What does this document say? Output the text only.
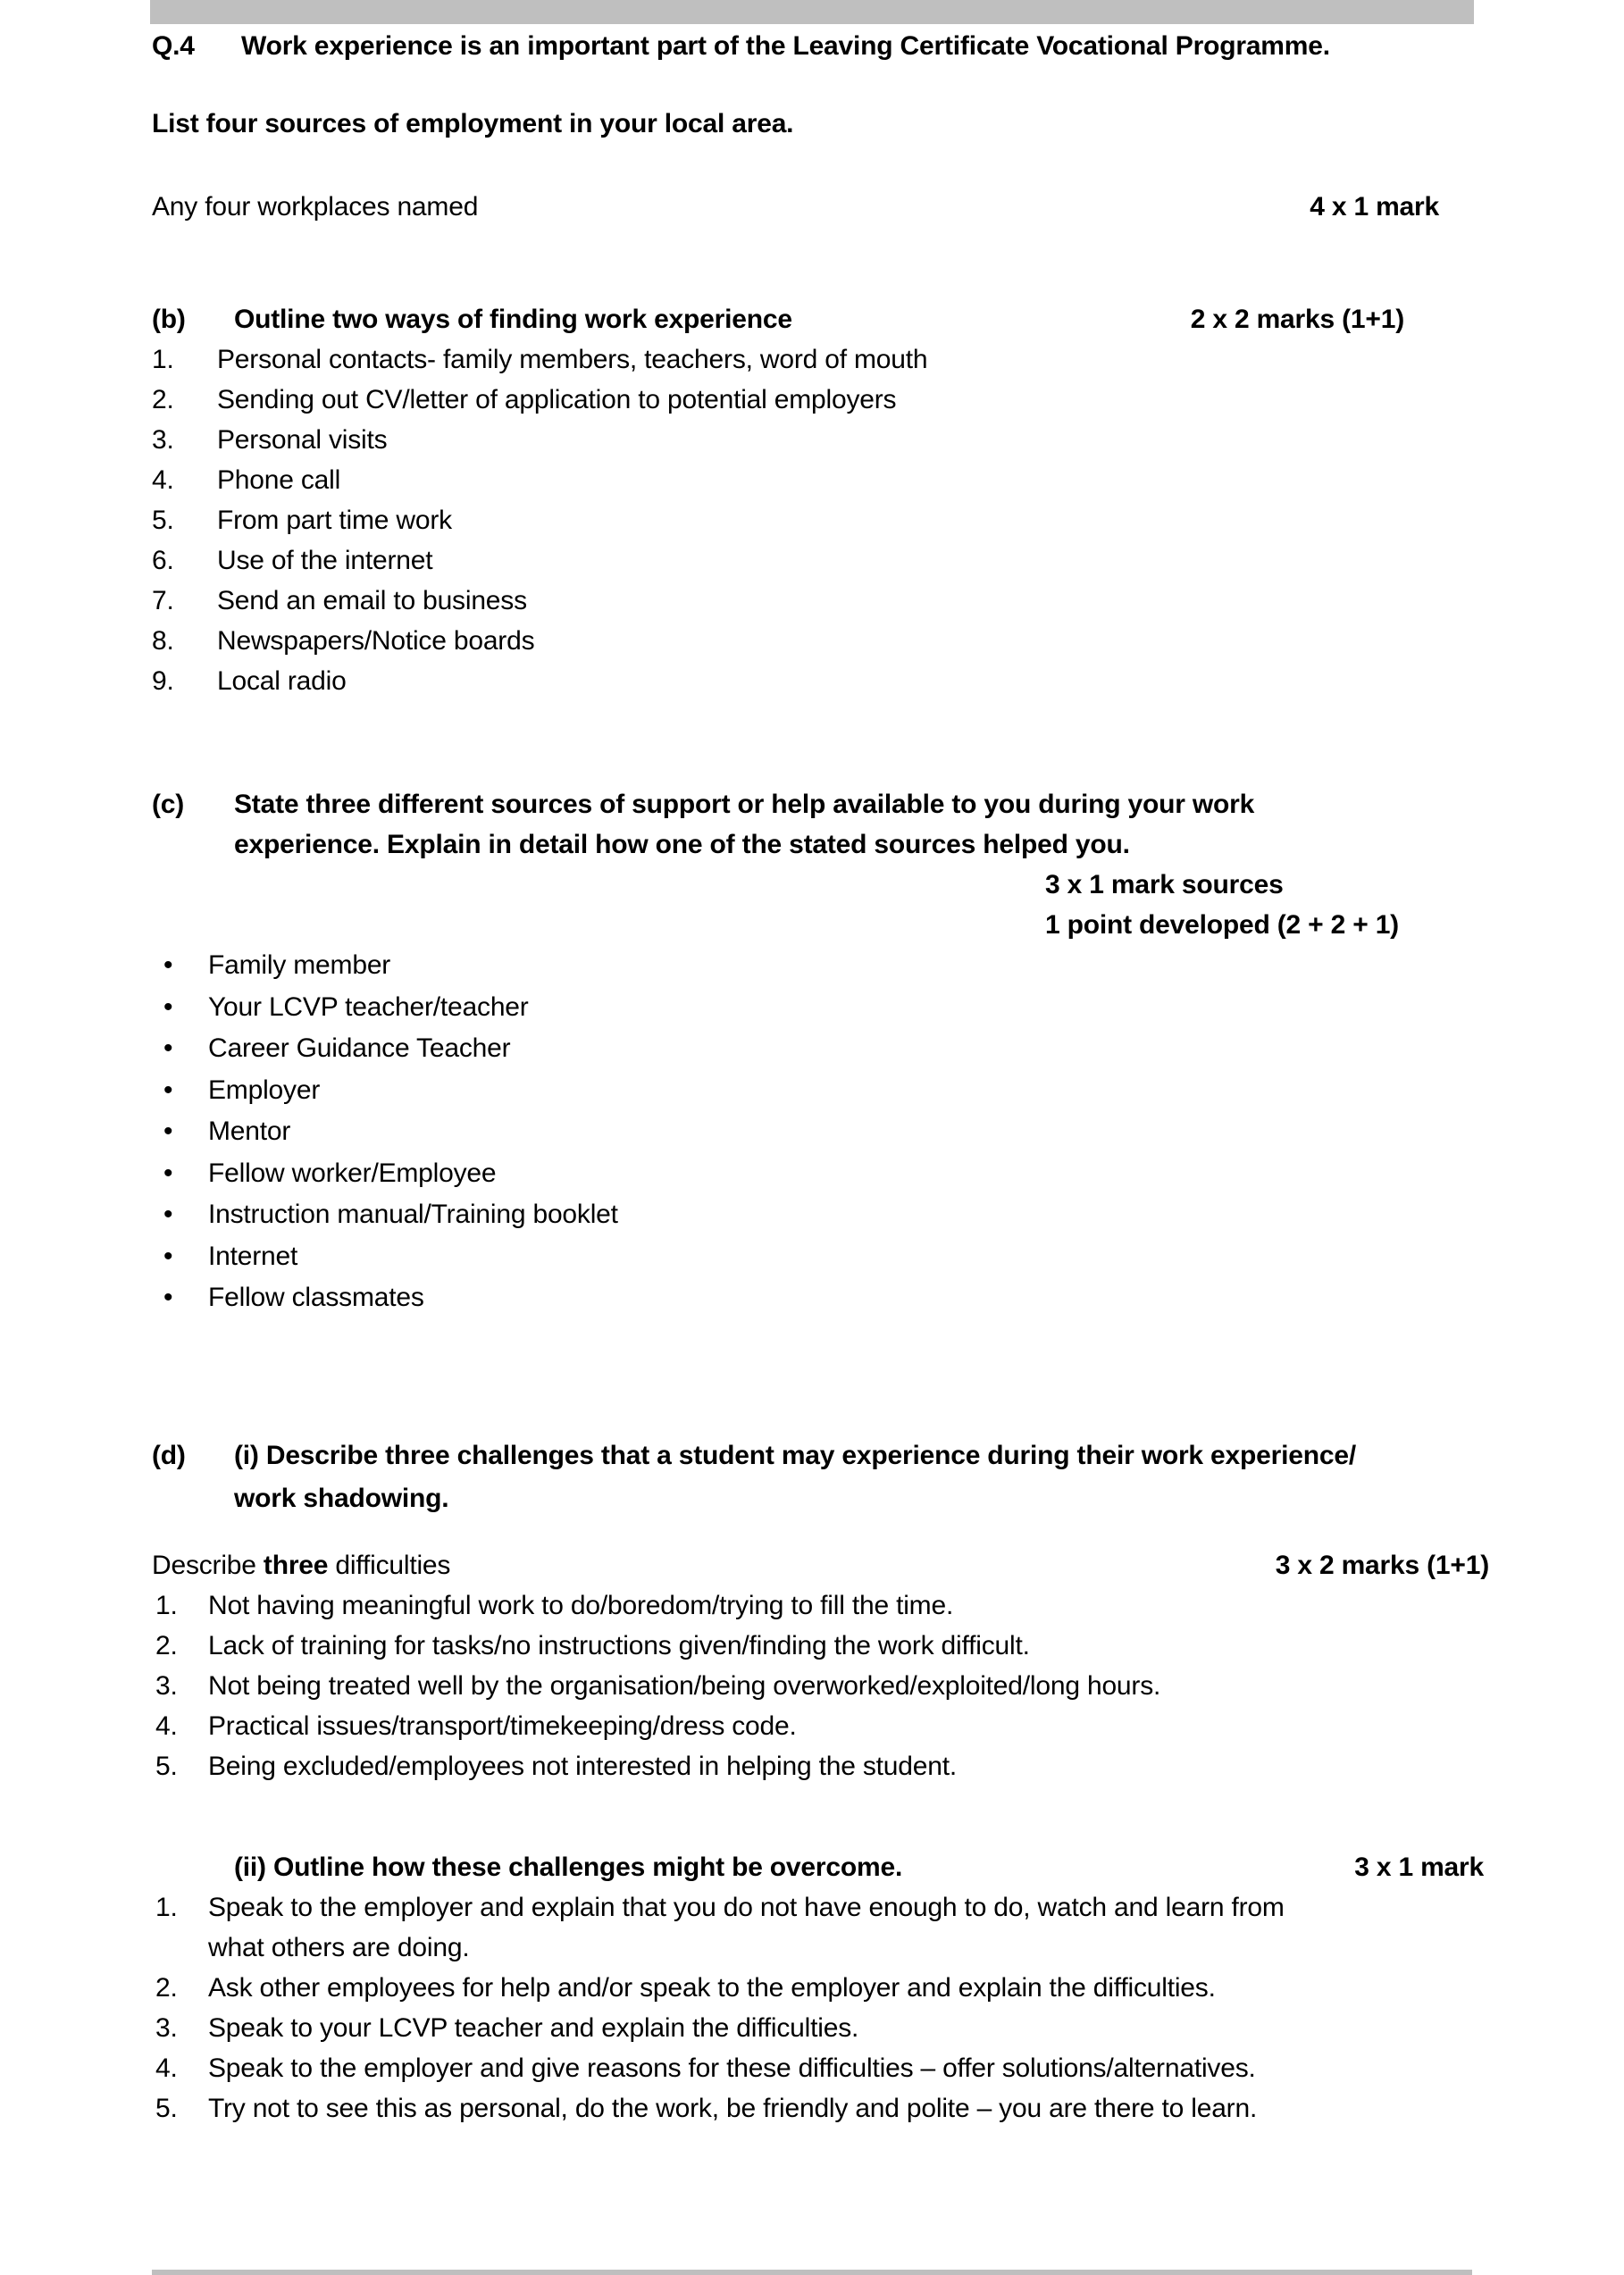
Q.4	Work experience is an important part of the Leaving Certificate Vocational Programme.

List four sources of employment in your local area.

Any four workplaces named	4 x 1 mark
(b)	Outline two ways of finding work experience	2 x 2 marks (1+1)
Personal contacts- family members, teachers, word of mouth
Sending out CV/letter of application to potential employers
Personal visits
Phone call
From part time work
Use of the internet
Send an email to business
Newspapers/Notice boards
Local radio
(c)	State three different sources of support or help available to you during your work
experience. Explain in detail how one of the stated sources helped you.
3 x 1 mark sources
1 point developed (2 + 2 + 1)
• Family member
• Your LCVP teacher/teacher
• Career Guidance Teacher
• Employer
• Mentor
• Fellow worker/Employee
• Instruction manual/Training booklet
• Internet
• Fellow classmates
(d)	(i) Describe three challenges that a student may experience during their work experience/
work shadowing.
Describe three difficulties	3 x 2 marks (1+1)
Not having meaningful work to do/boredom/trying to fill the time.
Lack of training for tasks/no instructions given/finding the work difficult.
Not being treated well by the organisation/being overworked/exploited/long hours.
Practical issues/transport/timekeeping/dress code.
Being excluded/employees not interested in helping the student.
(ii) Outline how these challenges might be overcome.	3 x 1 mark
Speak to the employer and explain that you do not have enough to do, watch and learn from
what others are doing.
Ask other employees for help and/or speak to the employer and explain the difficulties.
Speak to your LCVP teacher and explain the difficulties.
Speak to the employer and give reasons for these difficulties – offer solutions/alternatives.
Try not to see this as personal, do the work, be friendly and polite – you are there to learn.
